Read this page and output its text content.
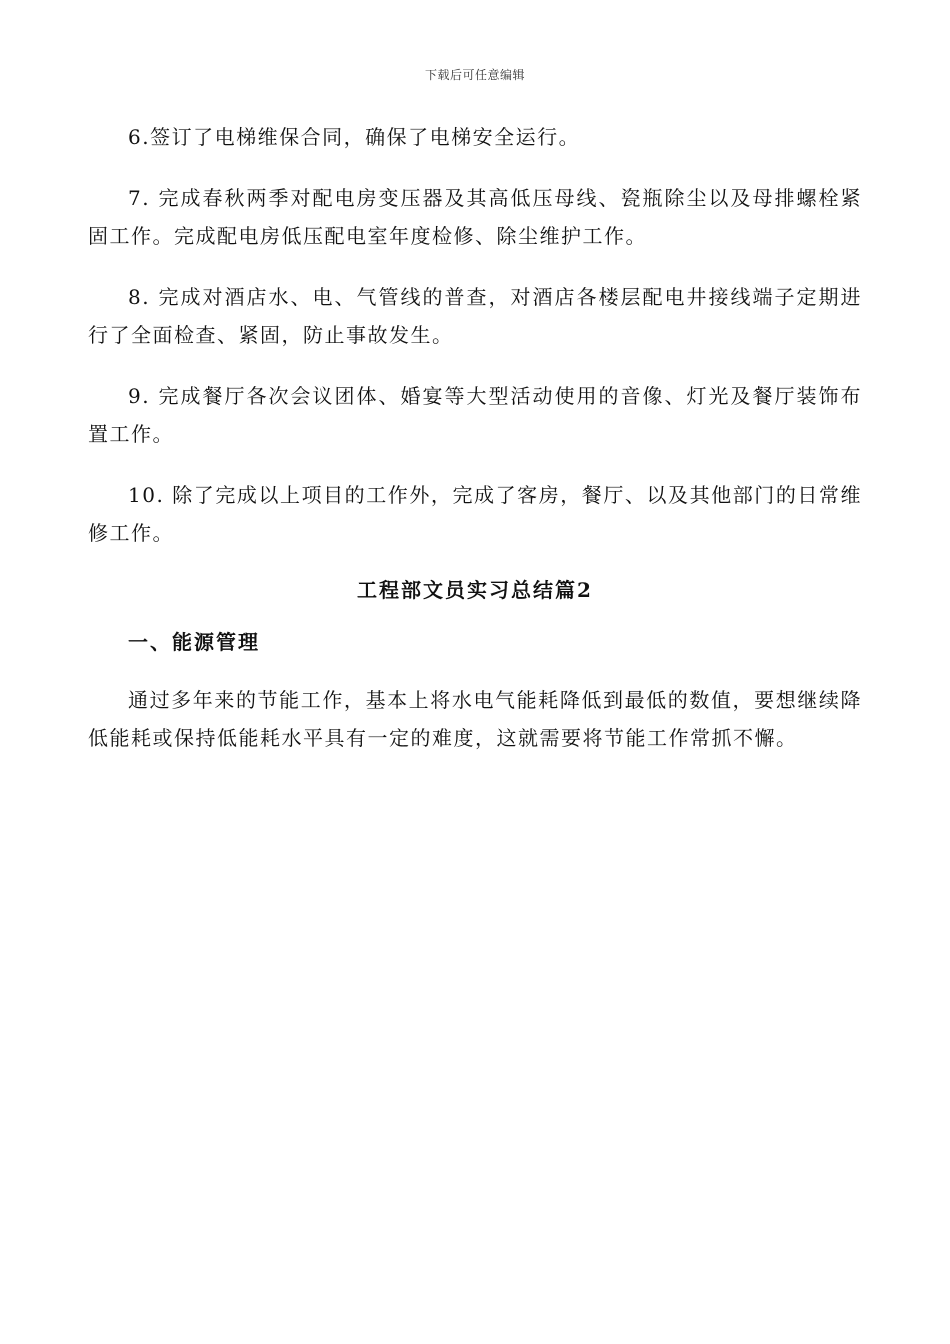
下载后可任意编辑

6.签订了电梯维保合同，确保了电梯安全运行。

7. 完成春秋两季对配电房变压器及其高低压母线、瓷瓶除尘以及母排螺栓紧固工作。完成配电房低压配电室年度检修、除尘维护工作。

8. 完成对酒店水、电、气管线的普查，对酒店各楼层配电井接线端子定期进行了全面检查、紧固，防止事故发生。

9. 完成餐厅各次会议团体、婚宴等大型活动使用的音像、灯光及餐厅装饰布置工作。

10. 除了完成以上项目的工作外，完成了客房，餐厅、以及其他部门的日常维修工作。

工程部文员实习总结篇2
一、能源管理

通过多年来的节能工作，基本上将水电气能耗降低到最低的数值，要想继续降低能耗或保持低能耗水平具有一定的难度，这就需要将节能工作常抓不懈。
